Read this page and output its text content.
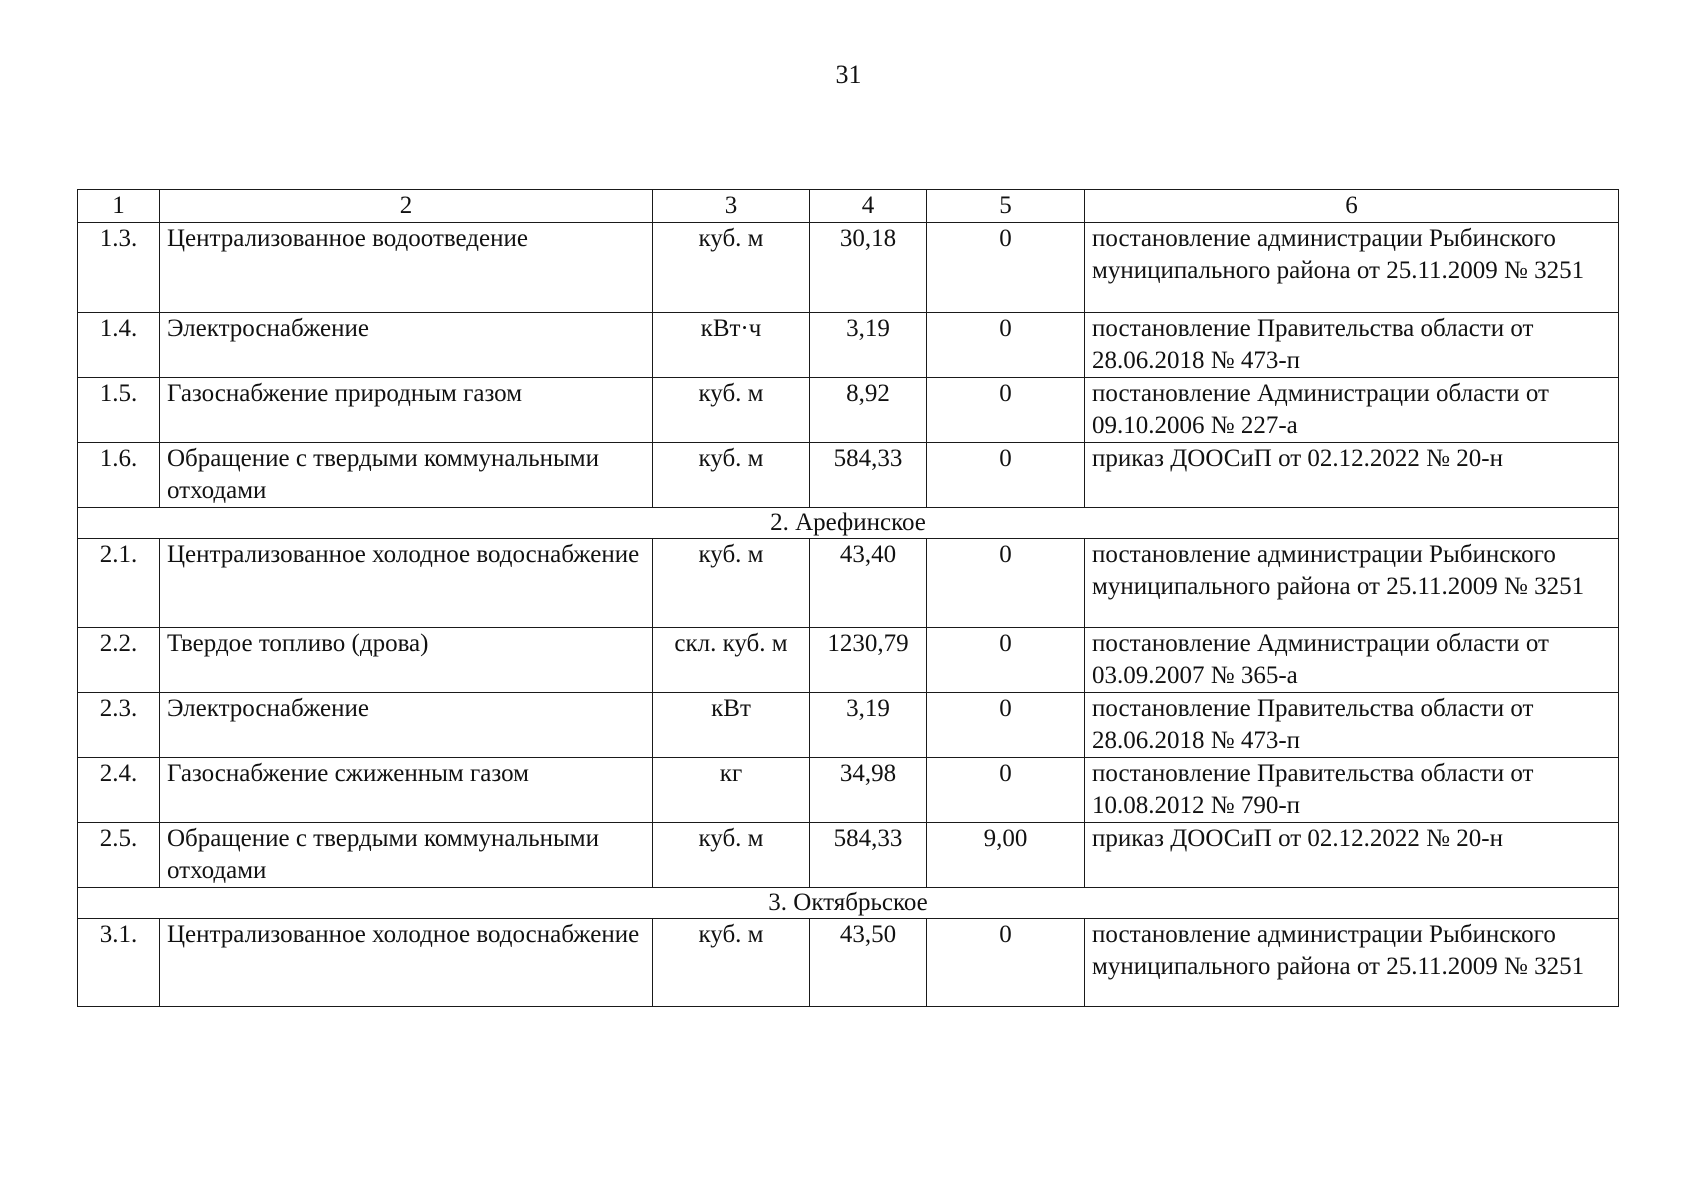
31
1	2	3	4	5	6
1.3.	Централизованное водоотведение	куб. м	30,18	0	постановление администрации Рыбинского муниципального района от 25.11.2009 № 3251
1.4.	Электроснабжение	кВт·ч	3,19	0	постановление Правительства области от 28.06.2018 № 473-п
1.5.	Газоснабжение природным газом	куб. м	8,92	0	постановление Администрации области от 09.10.2006 № 227-а
1.6.	Обращение с твердыми коммунальными отходами	куб. м	584,33	0	приказ ДООСиП от 02.12.2022 № 20-н
2. Арефинское					
2.1.	Централизованное холодное водоснабжение	куб. м	43,40	0	постановление администрации Рыбинского муниципального района от 25.11.2009 № 3251
2.2.	Твердое топливо (дрова)	скл. куб. м	1230,79	0	постановление Администрации области от 03.09.2007 № 365-а
2.3.	Электроснабжение	кВт	3,19	0	постановление Правительства области от 28.06.2018 № 473-п
2.4.	Газоснабжение сжиженным газом	кг	34,98	0	постановление Правительства области от 10.08.2012 № 790-п
2.5.	Обращение с твердыми коммунальными отходами	куб. м	584,33	9,00	приказ ДООСиП от 02.12.2022 № 20-н
3. Октябрьское					
3.1.	Централизованное холодное водоснабжение	куб. м	43,50	0	постановление администрации Рыбинского муниципального района от 25.11.2009 № 3251
